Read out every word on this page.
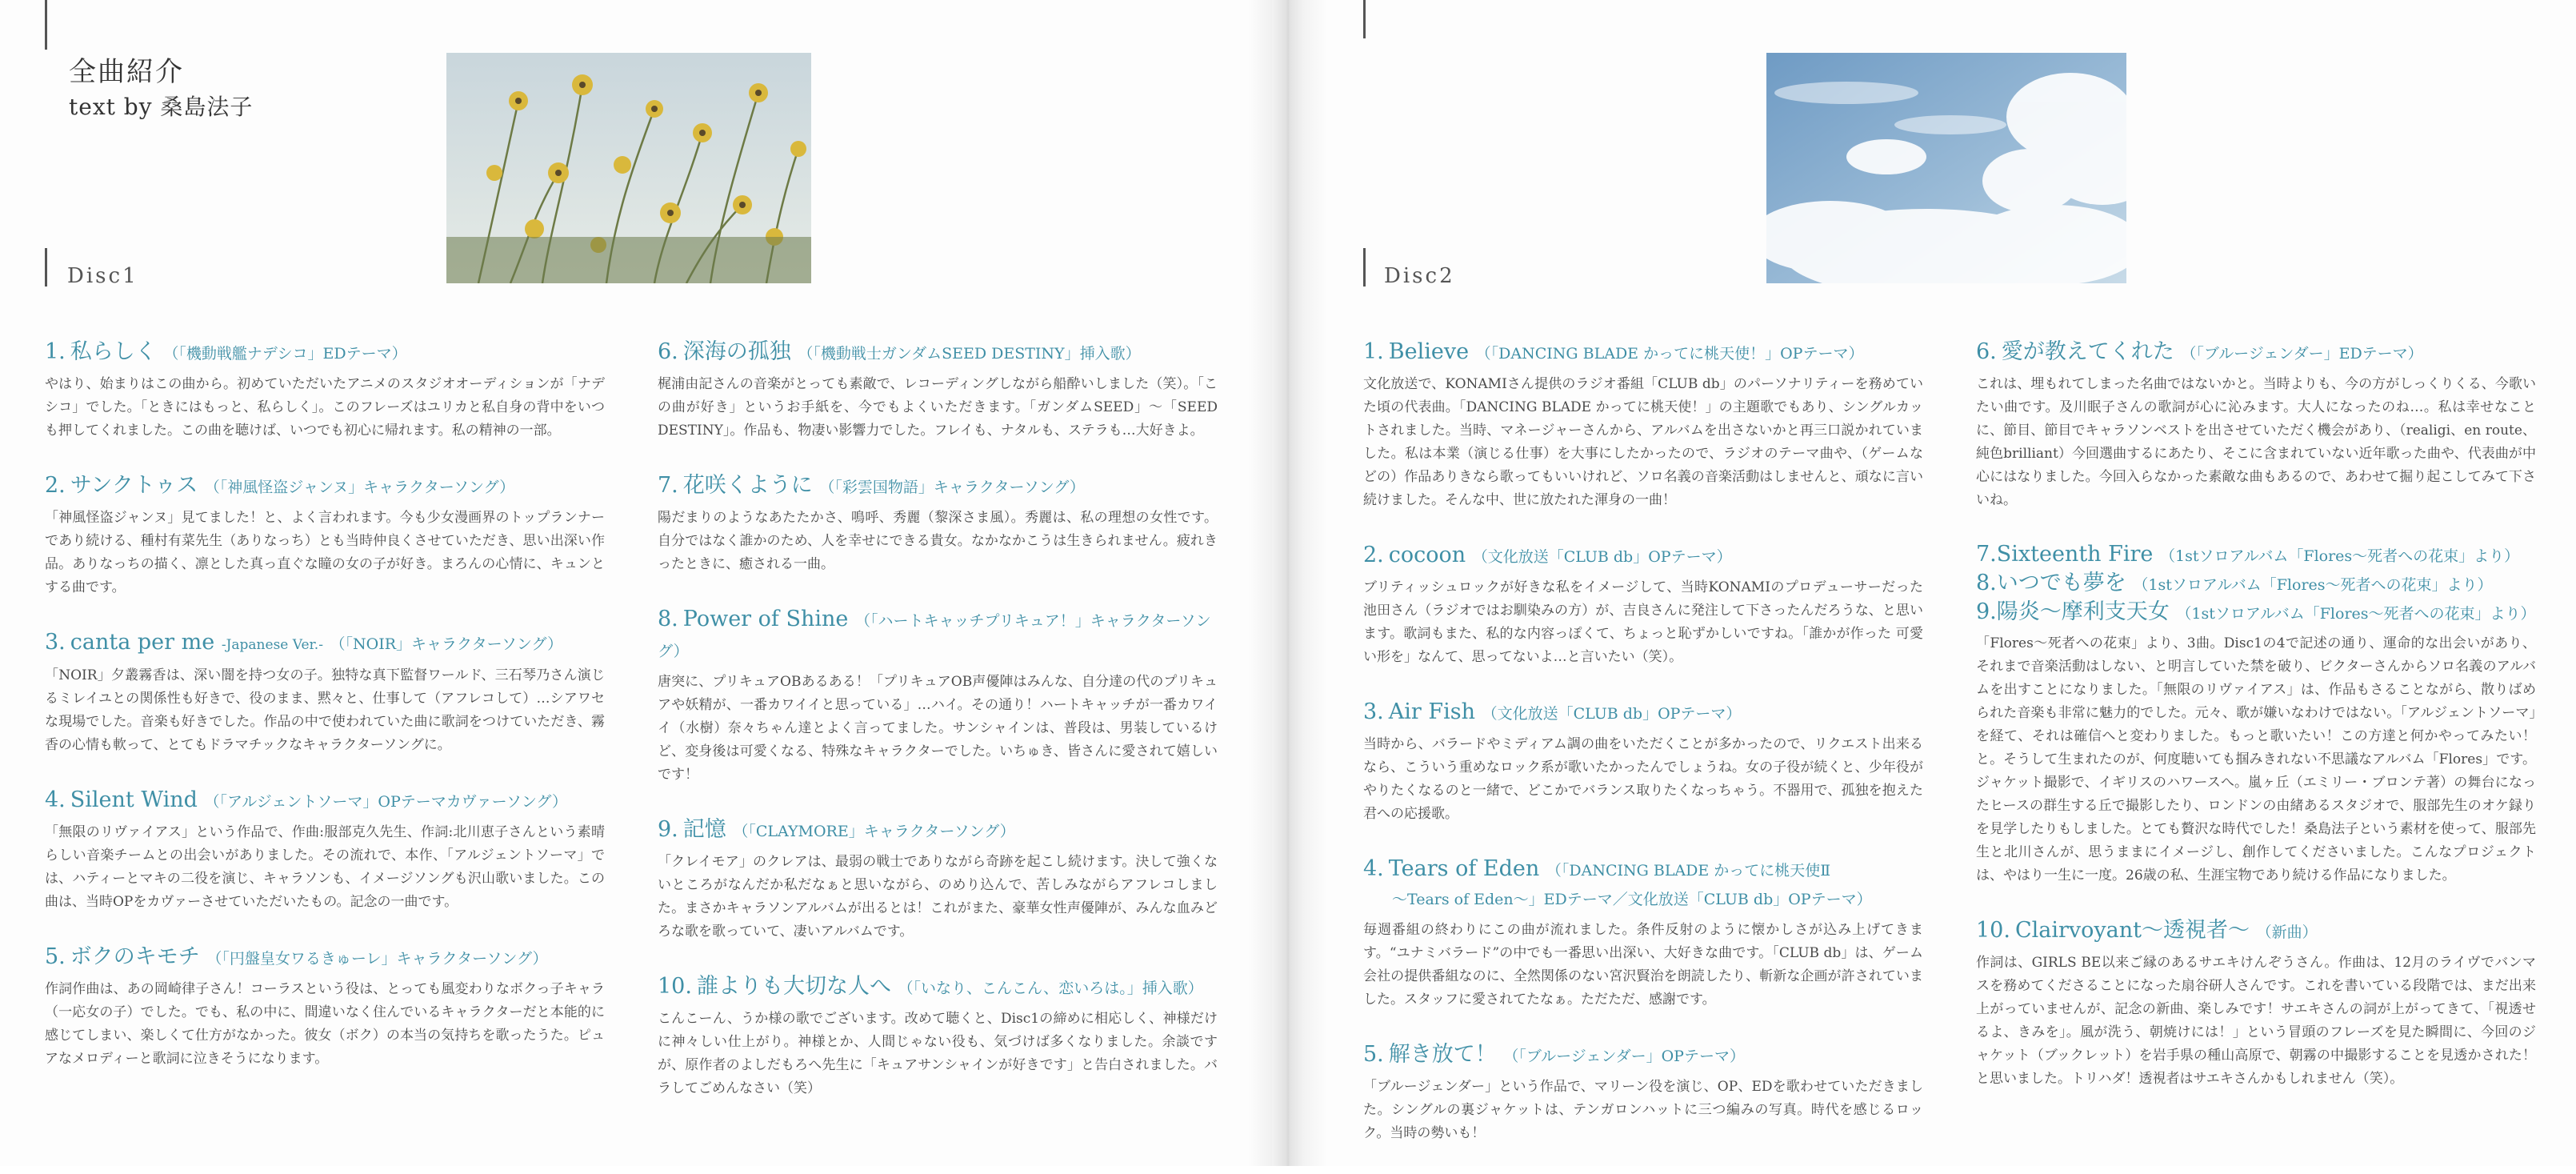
全曲紹介
text by 桑島法子
Disc1
1. 私らしく （「機動戦艦ナデシコ」EDテーマ）
やはり、始まりはこの曲から。初めていただいたアニメのスタジオオーディションが「ナデシコ」でした。「ときにはもっと、私らしく」。このフレーズはユリカと私自身の背中をいつも押してくれました。この曲を聴けば、いつでも初心に帰れます。私の精神の一部。
2. サンクトゥス （「神風怪盗ジャンヌ」キャラクターソング）
「神風怪盗ジャンヌ」見てました！と、よく言われます。今も少女漫画界のトップランナーであり続ける、種村有菜先生（ありなっち）とも当時仲良くさせていただき、思い出深い作品。ありなっちの描く、凛とした真っ直ぐな瞳の女の子が好き。まろんの心情に、キュンとする曲です。
3. canta per me -Japanese Ver.- （「NOIR」キャラクターソング）
「NOIR」夕叢霧香は、深い闇を持つ女の子。独特な真下監督ワールド、三石琴乃さん演じるミレイユとの関係性も好きで、役のまま、黙々と、仕事して（アフレコして）…シアワセな現場でした。音楽も好きでした。作品の中で使われていた曲に歌詞をつけていただき、霧香の心情も軟って、とてもドラマチックなキャラクターソングに。
4. Silent Wind （「アルジェントソーマ」OPテーマカヴァーソング）
「無限のリヴァイアス」という作品で、作曲:服部克久先生、作詞:北川恵子さんという素晴らしい音楽チームとの出会いがありました。その流れで、本作、「アルジェントソーマ」では、ハティーとマキの二役を演じ、キャラソンも、イメージソングも沢山歌いました。この曲は、当時OPをカヴァーさせていただいたもの。記念の一曲です。
5. ボクのキモチ （「円盤皇女ワるきゅーレ」キャラクターソング）
作詞作曲は、あの岡崎律子さん！コーラスという役は、とっても風変わりなボクっ子キャラ（一応女の子）でした。でも、私の中に、間違いなく住んでいるキャラクターだと本能的に感じてしまい、楽しくて仕方がなかった。彼女（ボク）の本当の気持ちを歌ったうた。ピュアなメロディーと歌詞に泣きそうになります。
6. 深海の孤独 （「機動戦士ガンダムSEED DESTINY」挿入歌）
梶浦由記さんの音楽がとっても素敵で、レコーディングしながら船酔いしました（笑）。「この曲が好き」というお手紙を、今でもよくいただきます。「ガンダムSEED」～「SEED DESTINY」。作品も、物凄い影響力でした。フレイも、ナタルも、ステラも…大好きよ。
7. 花咲くように （「彩雲国物語」キャラクターソング）
陽だまりのようなあたたかさ、鳴呼、秀麗（黎深さま風）。秀麗は、私の理想の女性です。自分ではなく誰かのため、人を幸せにできる貴女。なかなかこうは生きられません。疲れきったときに、癒される一曲。
8. Power of Shine （「ハートキャッチプリキュア！」キャラクターソング）
唐突に、プリキュアOBあるある！「プリキュアOB声優陣はみんな、自分達の代のプリキュアや妖精が、一番カワイイと思っている」…ハイ。その通り！ハートキャッチが一番カワイイ（水樹）奈々ちゃん達とよく言ってました。サンシャインは、普段は、男装しているけど、変身後は可愛くなる、特殊なキャラクターでした。いちゅき、皆さんに愛されて嬉しいです！
9. 記憶 （「CLAYMORE」キャラクターソング）
「クレイモア」のクレアは、最弱の戦士でありながら奇跡を起こし続けます。決して強くないところがなんだか私だなぁと思いながら、のめり込んで、苦しみながらアフレコしました。まさかキャラソンアルバムが出るとは！これがまた、豪華女性声優陣が、みんな血みどろな歌を歌っていて、凄いアルバムです。
10. 誰よりも大切な人へ （「いなり、こんこん、恋いろは。」挿入歌）
こんこーん、うか様の歌でございます。改めて聴くと、Disc1の締めに相応しく、神様だけに神々しい仕上がり。神様とか、人間じゃない役も、気づけば多くなりました。余談ですが、原作者のよしだもろへ先生に「キュアサンシャインが好きです」と告白されました。バラしてごめんなさい（笑）
Disc2
1. Believe （「DANCING BLADE かってに桃天使！」OPテーマ）
文化放送で、KONAMIさん提供のラジオ番組「CLUB db」のパーソナリティーを務めていた頃の代表曲。「DANCING BLADE かってに桃天使！」の主題歌でもあり、シングルカットされました。当時、マネージャーさんから、アルバムを出さないかと再三口説かれていました。私は本業（演じる仕事）を大事にしたかったので、ラジオのテーマ曲や、（ゲームなどの）作品ありきなら歌ってもいいけれど、ソロ名義の音楽活動はしませんと、頑なに言い続けました。そんな中、世に放たれた渾身の一曲！
2. cocoon （文化放送「CLUB db」OPテーマ）
ブリティッシュロックが好きな私をイメージして、当時KONAMIのプロデューサーだった池田さん（ラジオではお馴染みの方）が、吉良さんに発注して下さったんだろうな、と思います。歌詞もまた、私的な内容っぽくて、ちょっと恥ずかしいですね。「誰かが作った 可愛い形を」なんて、思ってないよ…と言いたい（笑）。
3. Air Fish （文化放送「CLUB db」OPテーマ）
当時から、バラードやミディアム調の曲をいただくことが多かったので、リクエスト出来るなら、こういう重めなロック系が歌いたかったんでしょうね。女の子役が続くと、少年役がやりたくなるのと一緒で、どこかでバランス取りたくなっちゃう。不器用で、孤独を抱えた君への応援歌。
4. Tears of Eden （「DANCING BLADE かってに桃天使Ⅱ
～Tears of Eden～」EDテーマ／文化放送「CLUB db」OPテーマ）
毎週番組の終わりにこの曲が流れました。条件反射のように懐かしさが込み上げてきます。“ユナミバラード”の中でも一番思い出深い、大好きな曲です。「CLUB db」は、ゲーム会社の提供番組なのに、全然関係のない宮沢賢治を朗読したり、斬新な企画が許されていました。スタッフに愛されてたなぁ。ただただ、感謝です。
5. 解き放て！ （「ブルージェンダー」OPテーマ）
「ブルージェンダー」という作品で、マリーン役を演じ、OP、EDを歌わせていただきました。シングルの裏ジャケットは、テンガロンハットに三つ編みの写真。時代を感じるロック。当時の勢いも！
6. 愛が教えてくれた （「ブルージェンダー」EDテーマ）
これは、埋もれてしまった名曲ではないかと。当時よりも、今の方がしっくりくる、今歌いたい曲です。及川眠子さんの歌詞が心に沁みます。大人になったのね…。私は幸せなことに、節目、節目でキャラソンベストを出させていただく機会があり、（realigi、en route、純色brilliant）今回選曲するにあたり、そこに含まれていない近年歌った曲や、代表曲が中心にはなりました。今回入らなかった素敵な曲もあるので、あわせて掘り起こしてみて下さいね。
7.Sixteenth Fire （1stソロアルバム「Flores～死者への花束」より）
8.いつでも夢を （1stソロアルバム「Flores～死者への花束」より）
9.陽炎～摩利支天女 （1stソロアルバム「Flores～死者への花束」より）
「Flores～死者への花束」より、3曲。Disc1の4で記述の通り、運命的な出会いがあり、それまで音楽活動はしない、と明言していた禁を破り、ビクターさんからソロ名義のアルバムを出すことになりました。「無限のリヴァイアス」は、作品もさることながら、散りばめられた音楽も非常に魅力的でした。元々、歌が嫌いなわけではない。「アルジェントソーマ」を経て、それは確信へと変わりました。もっと歌いたい！この方達と何かやってみたい！と。そうして生まれたのが、何度聴いても掴みきれない不思議なアルバム「Flores」です。ジャケット撮影で、イギリスのハワースへ。嵐ヶ丘（エミリー・ブロンテ著）の舞台になったヒースの群生する丘で撮影したり、ロンドンの由緒あるスタジオで、服部先生のオケ録りを見学したりもしました。とても贅沢な時代でした！桑島法子という素材を使って、服部先生と北川さんが、思うままにイメージし、創作してくださいました。こんなプロジェクトは、やはり一生に一度。26歳の私、生涯宝物であり続ける作品になりました。
10. Clairvoyant～透視者～ （新曲）
作詞は、GIRLS BE以来ご縁のあるサエキけんぞうさん。作曲は、12月のライヴでバンマスを務めてくださることになった扇谷研人さんです。これを書いている段階では、まだ出来上がっていませんが、記念の新曲、楽しみです！サエキさんの詞が上がってきて、「視透せるよ、きみを」。風が洗う、朝焼けには！」という冒頭のフレーズを見た瞬間に、今回のジャケット（ブックレット）を岩手県の種山高原で、朝霧の中撮影することを見透かされた！と思いました。トリハダ！透視者はサエキさんかもしれません（笑）。
